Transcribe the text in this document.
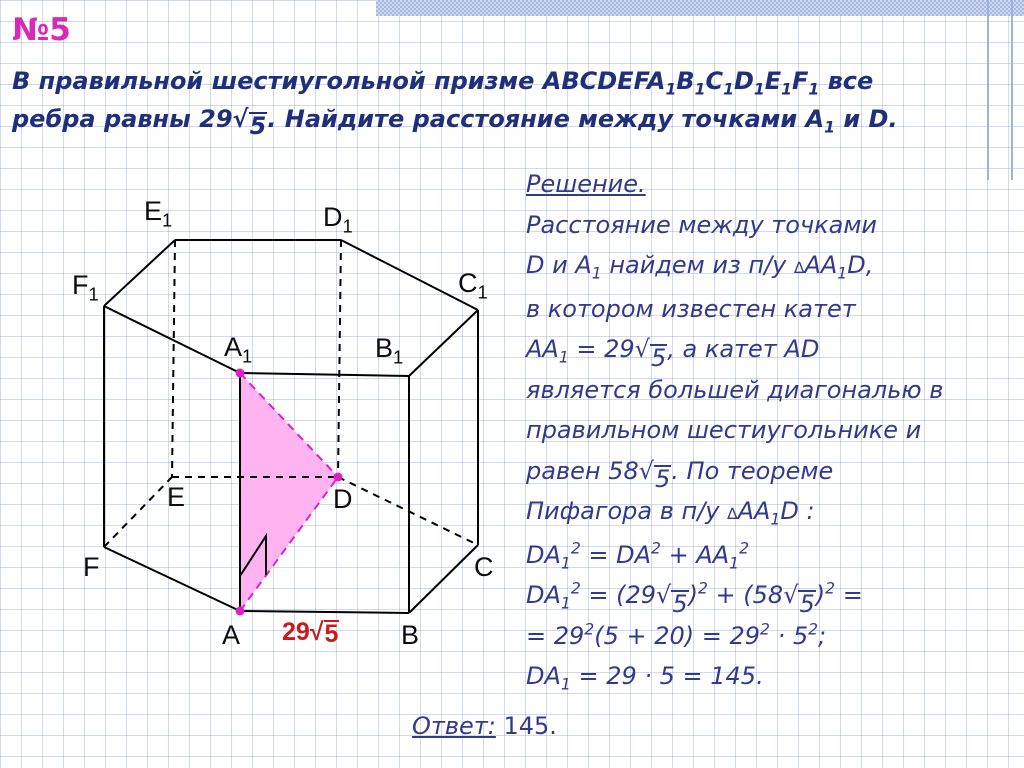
№5
В правильной шестиугольной призме $ABCDEFA_1B_1C_1D_1E_1F_1$ все
ребра равны 29 √ 5 . Найдите расстояние между точками $А_1$ и D.
$E_1$	$D_1$
$F_1$	$C_1$
$A_1$	$B_1$
E	D
F	C
A	B
29 √ 5
Решение.
Расстояние между точками
D и $А_1$ найдем из п/у $\Delta AA_1D$,
в котором известен катет
$АА_1 = 29$ √ 5 , а катет AD
является большей диагональю в
правильном шестиугольнике и
равен 58 √ 5 . По теореме
Пифагора в п/у $\Delta АА_1D$ :
$DA_1^2 = DA^2 + AA_1^2$
$DA_1^2 = (29$ √ 5 )$^2$ + (58 √ 5 )$^2$ =
= $29^2(5 + 20) = 29^2 \cdot 5^2$;
$DA_1 = 29 \cdot 5 = 145$.
Ответ: 145.
